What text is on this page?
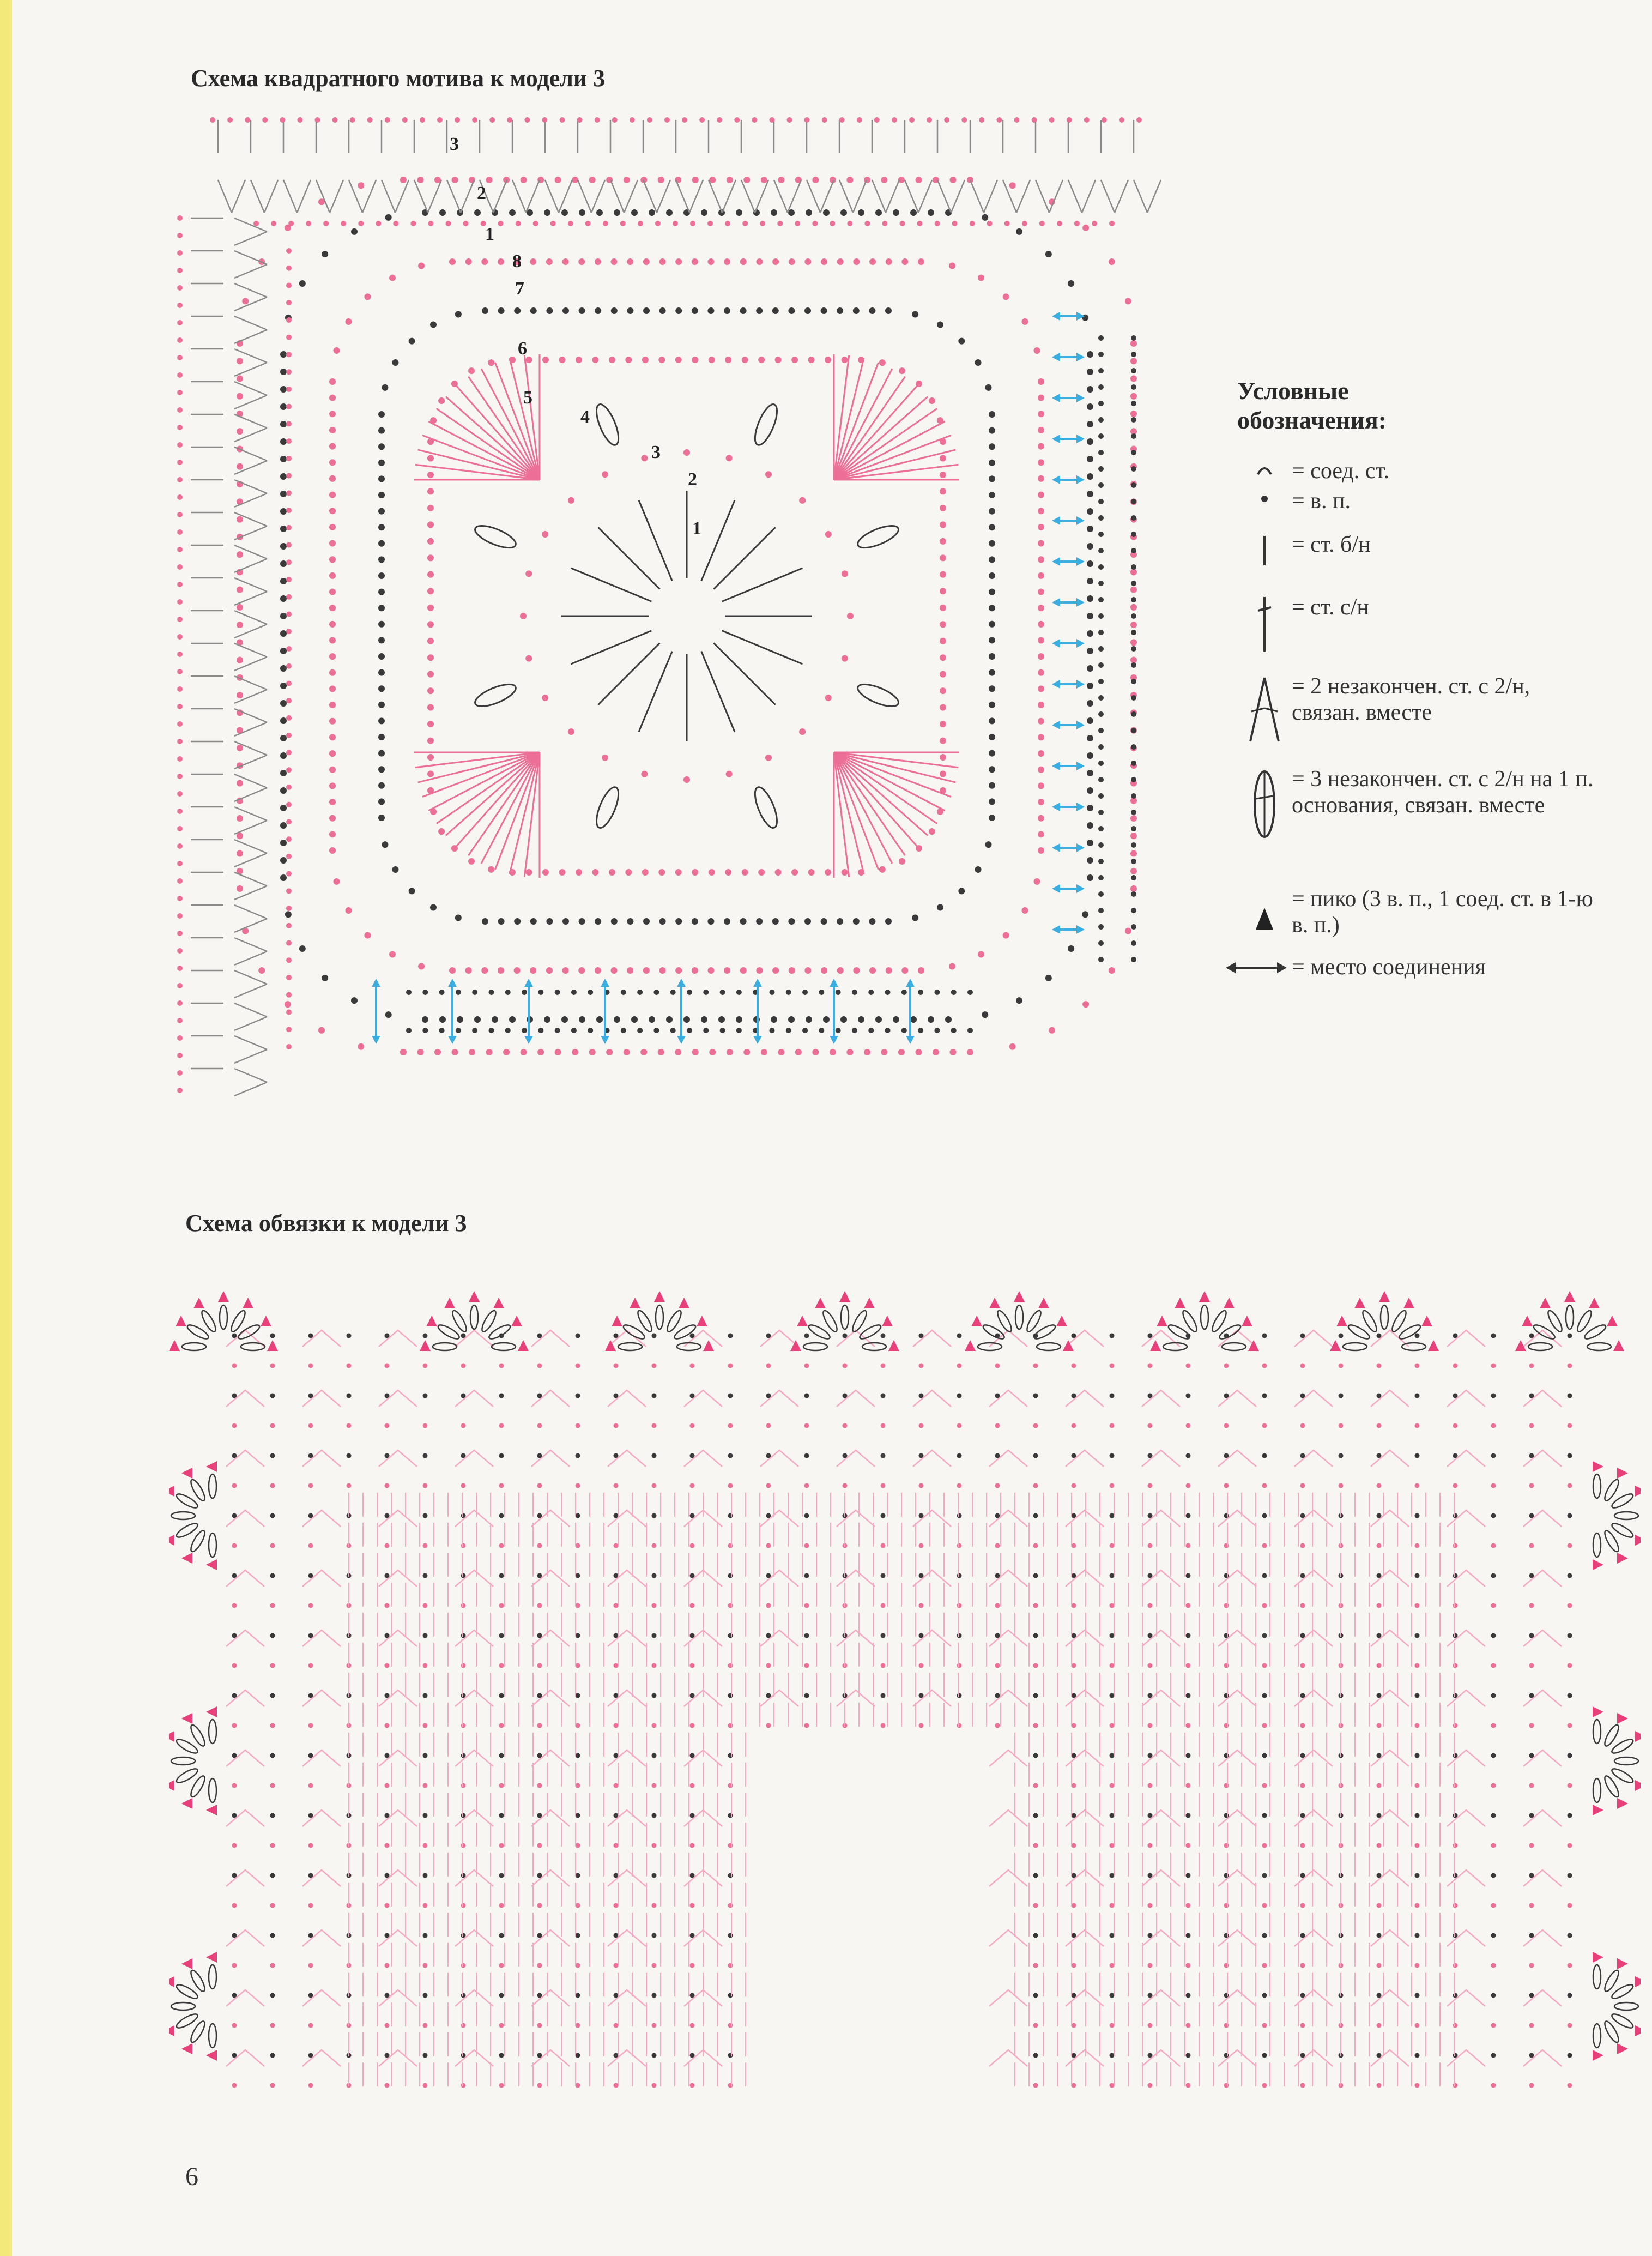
Схема квадратного мотива к модели 3
1
2
3
4
5
6
7
8
1
2
3
Условные
обозначения:
= соед. ст.
= в. п.
= ст. б/н
= ст. с/н
= 2 незакончен. ст. с 2/н, связан. вместе
= 3 незакончен. ст. с 2/н на 1 п. основания, связан. вместе
= пико (3 в. п., 1 соед. ст. в 1-ю в. п.)
= место соединения
Схема обвязки к модели 3
6
